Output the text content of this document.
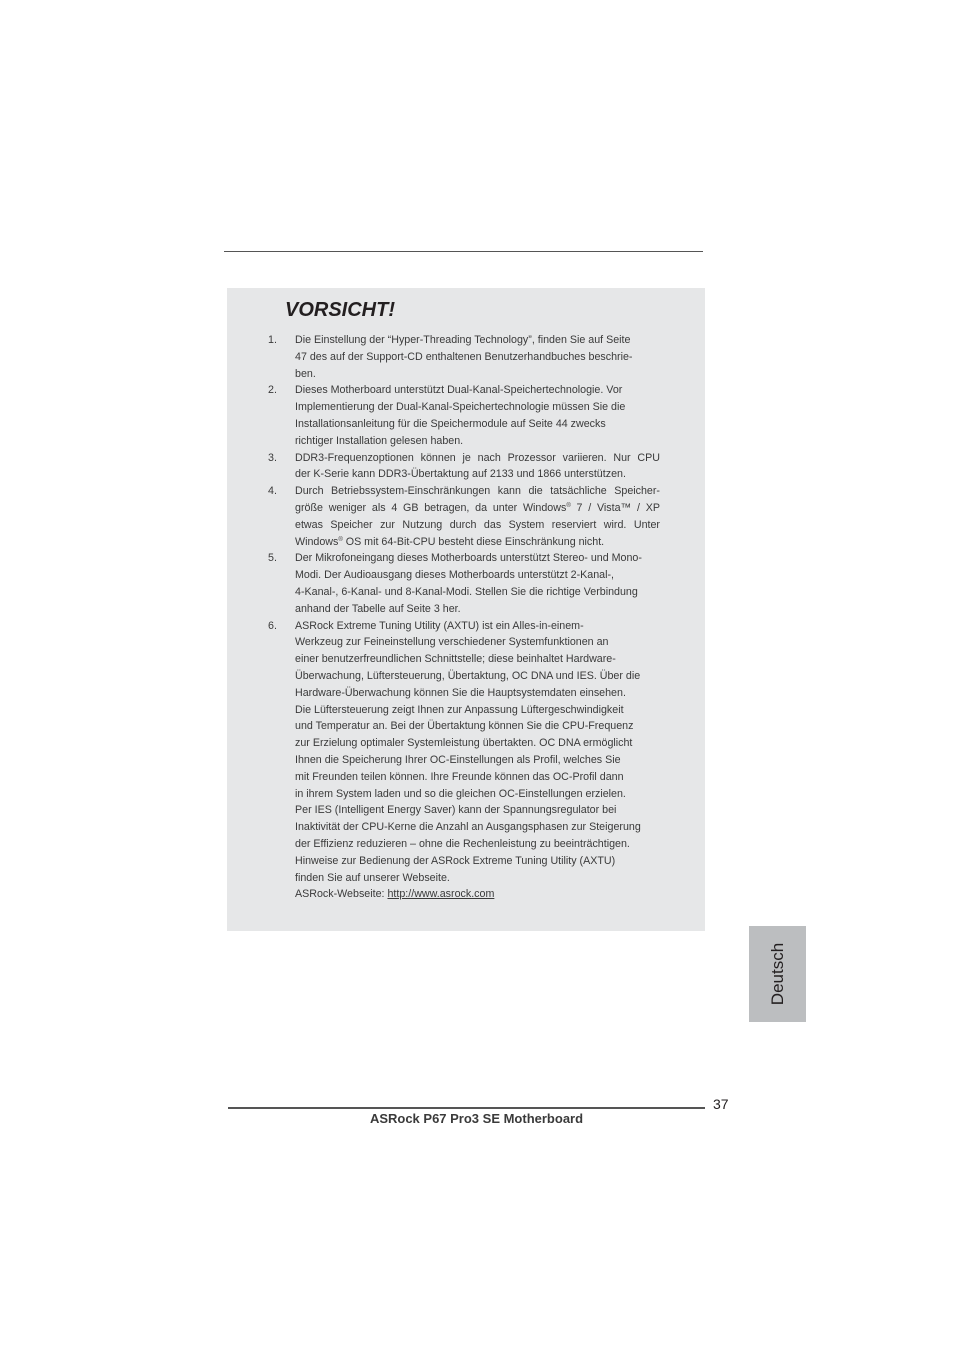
VORSICHT!
1.	Die Einstellung der “Hyper-Threading Technology”, finden Sie auf Seite
47 des auf der Support-CD enthaltenen Benutzerhandbuches beschrie-
ben.
2.	Dieses Motherboard unterstützt Dual-Kanal-Speichertechnologie. Vor
Implementierung der Dual-Kanal-Speichertechnologie müssen Sie die
Installationsanleitung für die Speichermodule auf Seite 44 zwecks
richtiger Installation gelesen haben.
3.	DDR3-Frequenzoptionen können je nach Prozessor variieren. Nur CPU
der K-Serie kann DDR3-Übertaktung auf 2133 und 1866 unterstützen.
4.	Durch Betriebssystem-Einschränkungen kann die tatsächliche Speicher-
größe weniger als 4 GB betragen, da unter Windows® 7 / Vista™ / XP
etwas Speicher zur Nutzung durch das System reserviert wird. Unter
Windows® OS mit 64-Bit-CPU besteht diese Einschränkung nicht.
5.	Der Mikrofoneingang dieses Motherboards unterstützt Stereo- und Mono-
Modi. Der Audioausgang dieses Motherboards unterstützt 2-Kanal-,
4-Kanal-, 6-Kanal- und 8-Kanal-Modi. Stellen Sie die richtige Verbindung
anhand der Tabelle auf Seite 3 her.
6.	ASRock Extreme Tuning Utility (AXTU) ist ein Alles-in-einem-
Werkzeug zur Feineinstellung verschiedener Systemfunktionen an
einer benutzerfreundlichen Schnittstelle; diese beinhaltet Hardware-
Überwachung, Lüftersteuerung, Übertaktung, OC DNA und IES. Über die
Hardware-Überwachung können Sie die Hauptsystemdaten einsehen.
Die Lüftersteuerung zeigt Ihnen zur Anpassung Lüftergeschwindigkeit
und Temperatur an. Bei der Übertaktung können Sie die CPU-Frequenz
zur Erzielung optimaler Systemleistung übertakten. OC DNA ermöglicht
Ihnen die Speicherung Ihrer OC-Einstellungen als Profil, welches Sie
mit Freunden teilen können. Ihre Freunde können das OC-Profil dann
in ihrem System laden und so die gleichen OC-Einstellungen erzielen.
Per IES (Intelligent Energy Saver) kann der Spannungsregulator bei
Inaktivität der CPU-Kerne die Anzahl an Ausgangsphasen zur Steigerung
der Effizienz reduzieren – ohne die Rechenleistung zu beeinträchtigen.
Hinweise zur Bedienung der ASRock Extreme Tuning Utility (AXTU)
finden Sie auf unserer Webseite.
ASRock-Webseite: http://www.asrock.com
Deutsch
37
ASRock P67 Pro3 SE Motherboard
